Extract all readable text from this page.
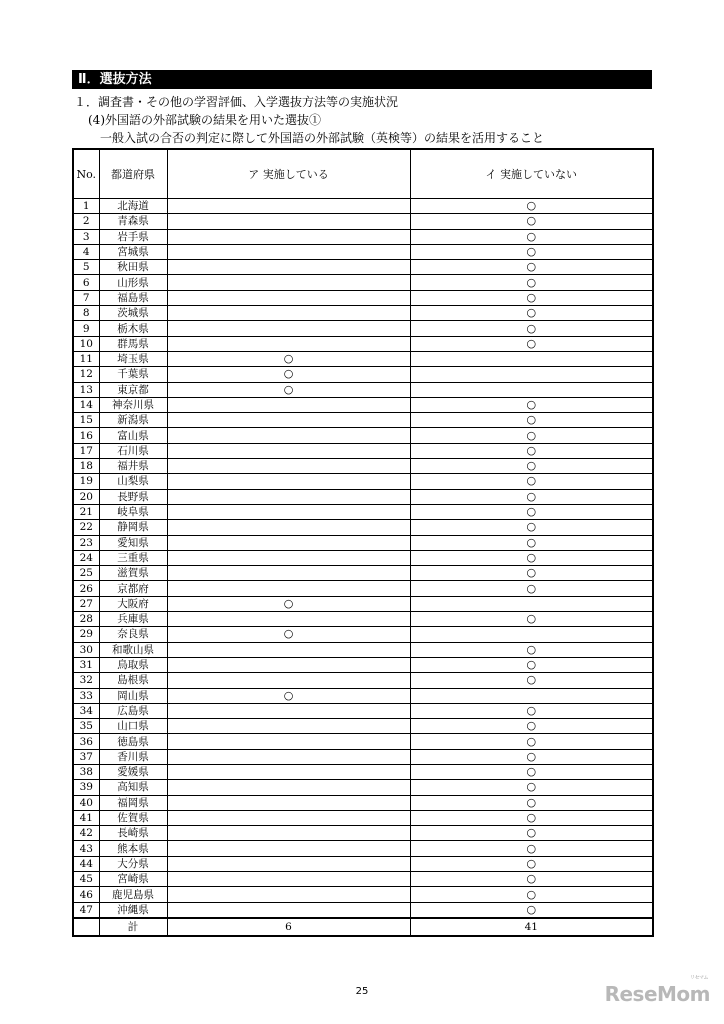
Ⅱ．選抜方法
１．調査書・その他の学習評価、入学選抜方法等の実施状況
(4)外国語の外部試験の結果を用いた選抜①
一般入試の合否の判定に際して外国語の外部試験（英検等）の結果を活用すること
No.	都道府県	ア 実施している	イ 実施していない
1	北海道		○
2	青森県		○
3	岩手県		○
4	宮城県		○
5	秋田県		○
6	山形県		○
7	福島県		○
8	茨城県		○
9	栃木県		○
10	群馬県		○
11	埼玉県	○	
12	千葉県	○	
13	東京都	○	
14	神奈川県		○
15	新潟県		○
16	富山県		○
17	石川県		○
18	福井県		○
19	山梨県		○
20	長野県		○
21	岐阜県		○
22	静岡県		○
23	愛知県		○
24	三重県		○
25	滋賀県		○
26	京都府		○
27	大阪府	○	
28	兵庫県		○
29	奈良県	○	
30	和歌山県		○
31	鳥取県		○
32	島根県		○
33	岡山県	○	
34	広島県		○
35	山口県		○
36	徳島県		○
37	香川県		○
38	愛媛県		○
39	高知県		○
40	福岡県		○
41	佐賀県		○
42	長崎県		○
43	熊本県		○
44	大分県		○
45	宮崎県		○
46	鹿児島県		○
47	沖縄県		○
	計	6	41
25
リセマム
ReseMom
